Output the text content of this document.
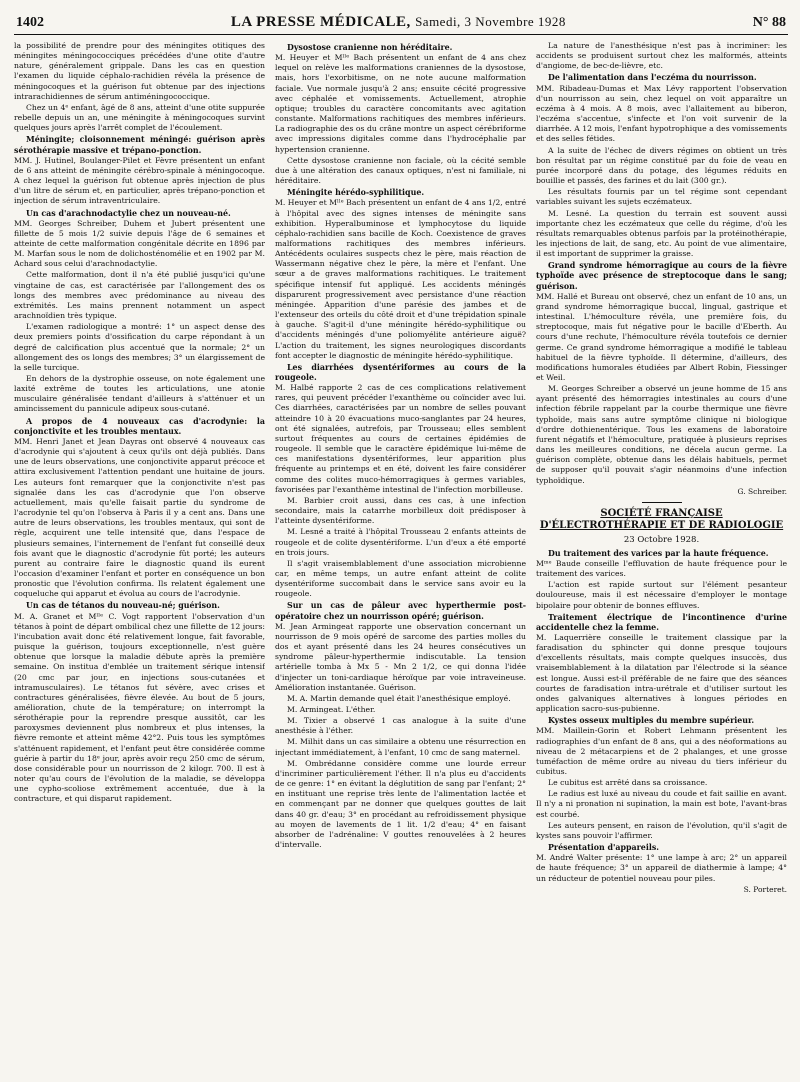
1402	LA PRESSE MÉDICALE, Samedi, 3 Novembre 1928	N° 88

la possibilité de prendre pour des méningites otitiques des méningites méningococciques précédées d'une otite d'autre nature, généralement grippale. Dans les cas en question l'examen du liquide céphalo-rachidien révéla la présence de méningocoques et la guérison fut obtenue par des injections intrarachidiennes de sérum antiméningococcique.

Chez un 4ᵉ enfant, âgé de 8 ans, atteint d'une otite suppurée rebelle depuis un an, une méningite à méningocoques survint quelques jours après l'arrêt complet de l'écoulement.

Méningite; cloisonnement méningé: guérison après sérothérapie massive et trépano-ponction.

MM. J. Hutinel, Boulanger-Pilet et Fèvre présentent un enfant de 6 ans atteint de méningite cérébro-spinale à méningocoque. A chez lequel la guérison fut obtenue après injection de plus d'un litre de sérum et, en particulier, après trépano-ponction et injection de sérum intraventriculaire.

Un cas d'arachnodactylie chez un nouveau-né.

MM. Georges Schreiber, Duhem et Jubert présentent une fillette de 5 mois 1/2 suivie depuis l'âge de 6 semaines et atteinte de cette malformation congénitale décrite en 1896 par M. Marfan sous le nom de dolichosténomélie et en 1902 par M. Achard sous celui d'arachnodactylie.

Cette malformation, dont il n'a été publié jusqu'ici qu'une vingtaine de cas, est caractérisée par l'allongement des os longs des membres avec prédominance au niveau des extrémités. Les mains prennent notamment un aspect arachnoïdien très typique.

L'examen radiologique a montré: 1° un aspect dense des deux premiers points d'ossification du carpe répondant à un degré de calcification plus accentué que la normale; 2° un allongement des os longs des membres; 3° un élargissement de la selle turcique.

En dehors de la dystrophie osseuse, on note également une laxité extrême de toutes les articulations, une atonie musculaire généralisée tendant d'ailleurs à s'atténuer et un amincissement du pannicule adipeux sous-cutané.

A propos de 4 nouveaux cas d'acrodynie: la conjonctivite et les troubles mentaux.

MM. Henri Janet et Jean Dayras ont observé 4 nouveaux cas d'acrodynie qui s'ajoutent à ceux qu'ils ont déjà publiés. Dans une de leurs observations, une conjonctivite apparut précoce et attira exclusivement l'attention pendant une huitaine de jours. Les auteurs font remarquer que la conjonctivite n'est pas signalée dans les cas d'acrodynie que l'on observe actuellement, mais qu'elle faisait partie du syndrome de l'acrodynie tel qu'on l'observa à Paris il y a cent ans. Dans une autre de leurs observations, les troubles mentaux, qui sont de règle, acquirent une telle intensité que, dans l'espace de plusieurs semaines, l'internement de l'enfant fut conseillé deux fois avant que le diagnostic d'acrodynie fût porté; les auteurs purent au contraire faire le diagnostic quand ils eurent l'occasion d'examiner l'enfant et porter en conséquence un bon pronostic que l'évolution confirma. Ils relatent également une coqueluche qui apparut et évolua au cours de l'acrodynie.

Un cas de tétanos du nouveau-né; guérison.

M. A. Granet et Mˡˡᵉ C. Vogt rapportent l'observation d'un tétanos à point de départ ombilical chez une fillette de 12 jours: l'incubation avait donc été relativement longue, fait favorable, puisque la guérison, toujours exceptionnelle, n'est guère obtenue que lorsque la maladie débute après la première semaine. On institua d'emblée un traitement sérique intensif (20 cmc par jour, en injections sous-cutanées et intramusculaires). Le tétanos fut sévère, avec crises et contractures généralisées, fièvre élevée. Au bout de 5 jours, amélioration, chute de la température; on interrompt la sérothérapie pour la reprendre presque aussitôt, car les paroxysmes deviennent plus nombreux et plus intenses, la fièvre remonte et atteint même 42°2. Puis tous les symptômes s'atténuent rapidement, et l'enfant peut être considérée comme guérie à partir du 18ᵉ jour, après avoir reçu 250 cmc de sérum, dose considérable pour un nourrisson de 2 kilogr. 700. Il est à noter qu'au cours de l'évolution de la maladie, se développa une cypho-scoliose extrêmement accentuée, due à la contracture, et qui disparut rapidement.

Dysostose cranienne non héréditaire.

M. Heuyer et Mˡˡᵉ Bach présentent un enfant de 4 ans chez lequel on relève les malformations craniennes de la dysostose, mais, hors l'exorbitisme, on ne note aucune malformation faciale. Vue normale jusqu'à 2 ans; ensuite cécité progressive avec céphalée et vomissements. Actuellement, atrophie optique; troubles du caractère concomitants avec agitation constante. Malformations rachitiques des membres inférieurs. La radiographie des os du crâne montre un aspect cérébriforme avec impressions digitales comme dans l'hydrocéphalie par hypertension cranienne.

Cette dysostose cranienne non faciale, où la cécité semble due à une altération des canaux optiques, n'est ni familiale, ni héréditaire.

Méningite hérédo-syphilitique.

M. Heuyer et Mˡˡᵉ Bach présentent un enfant de 4 ans 1/2, entré à l'hôpital avec des signes intenses de méningite sans exhibition. Hyperalbuminose et lymphocytose du liquide céphalo-rachidien sans bacille de Koch. Coexistence de graves malformations rachitiques des membres inférieurs. Antécédents oculaires suspects chez le père, mais réaction de Wassermann négative chez le père, la mère et l'enfant. Une sœur a de graves malformations rachitiques. Le traitement spécifique intensif fut appliqué. Les accidents méningés disparurent progressivement avec persistance d'une réaction méningée. Apparition d'une parésie des jambes et de l'extenseur des orteils du côté droit et d'une trépidation spinale à gauche. S'agit-il d'une méningite hérédo-syphilitique ou d'accidents méningés d'une poliomyélite antérieure aiguë? L'action du traitement, les signes neurologiques discordants font accepter le diagnostic de méningite hérédo-syphilitique.

Les diarrhées dysentériformes au cours de la rougeole.

M. Halbé rapporte 2 cas de ces complications relativement rares, qui peuvent précéder l'exanthème ou coïncider avec lui. Ces diarrhées, caractérisées par un nombre de selles pouvant atteindre 10 à 20 évacuations muco-sanglantes par 24 heures, ont été signalées, autrefois, par Trousseau; elles semblent surtout fréquentes au cours de certaines épidémies de rougeole. Il semble que le caractère épidémique lui-même de ces manifestations dysentériformes, leur apparition plus fréquente au printemps et en été, doivent les faire considérer comme des colites muco-hémorragiques à germes variables, favorisées par l'exanthème intestinal de l'infection morbilleuse.

M. Barbier croit aussi, dans ces cas, à une infection secondaire, mais la catarrhe morbilleux doit prédisposer à l'atteinte dysentériforme.

M. Lesné a traité à l'hôpital Trousseau 2 enfants atteints de rougeole et de colite dysentériforme. L'un d'eux a été emporté en trois jours.

Il s'agit vraisemblablement d'une association microbienne car, en même temps, un autre enfant atteint de colite dysentériforme succombait dans le service sans avoir eu la rougeole.

Sur un cas de pâleur avec hyperthermie post-opératoire chez un nourrisson opéré; guérison.

M. Jean Armingeat rapporte une observation concernant un nourrisson de 9 mois opéré de sarcome des parties molles du dos et ayant présenté dans les 24 heures consécutives un syndrome pâleur-hyperthermie indiscutable. La tension artérielle tomba à Mx 5 - Mn 2 1/2, ce qui donna l'idée d'injecter un toni-cardiaque héroïque par voie intraveineuse. Amélioration instantanée. Guérison.

M. A. Martin demande quel était l'anesthésique employé.

M. Armingeat. L'éther.

M. Tixier a observé 1 cas analogue à la suite d'une anesthésie à l'éther.

M. Milhit dans un cas similaire a obtenu une résurrection en injectant immédiatement, à l'enfant, 10 cmc de sang maternel.

M. Ombrédanne considère comme une lourde erreur d'incriminer particulièrement l'éther. Il n'a plus eu d'accidents de ce genre: 1° en évitant la déglutition de sang par l'enfant; 2° en instituant une reprise très lente de l'alimentation lactée et en commençant par ne donner que quelques gouttes de lait dans 40 gr. d'eau; 3° en procédant au refroidissement physique au moyen de lavements de 1 lit. 1/2 d'eau; 4° en faisant absorber de l'adrénaline: V gouttes renouvelées à 2 heures d'intervalle.

La nature de l'anesthésique n'est pas à incriminer: les accidents se produisent surtout chez les malformés, atteints d'angiome, de bec-de-lièvre, etc.

De l'alimentation dans l'eczéma du nourrisson.

MM. Ribadeau-Dumas et Max Lévy rapportent l'observation d'un nourrisson au sein, chez lequel on voit apparaître un eczéma à 4 mois. A 8 mois, avec l'allaitement au biberon, l'eczéma s'accentue, s'infecte et l'on voit survenir de la diarrhée. A 12 mois, l'enfant hypotrophique a des vomissements et des selles fétides.

A la suite de l'échec de divers régimes on obtient un très bon résultat par un régime constitué par du foie de veau en purée incorporé dans du potage, des légumes réduits en bouillie et passés, des farines et du lait (300 gr.).

Les résultats fournis par un tel régime sont cependant variables suivant les sujets eczémateux.

M. Lesné. La question du terrain est souvent aussi importante chez les eczémateux que celle du régime, d'où les résultats remarquables obtenus parfois par la protéinothérapie, les injections de lait, de sang, etc. Au point de vue alimentaire, il est important de supprimer la graisse.

Grand syndrome hémorragique au cours de la fièvre typhoïde avec présence de streptocoque dans le sang; guérison.

MM. Hallé et Bureau ont observé, chez un enfant de 10 ans, un grand syndrome hémorragique buccal, lingual, gastrique et intestinal. L'hémoculture révéla, une première fois, du streptocoque, mais fut négative pour le bacille d'Eberth. Au cours d'une rechute, l'hémoculture révéla toutefois ce dernier germe. Ce grand syndrome hémorragique a modifié le tableau habituel de la fièvre typhoïde. Il détermine, d'ailleurs, des modifications humorales étudiées par Albert Robin, Fiessinger et Weil.

M. Georges Schreiber a observé un jeune homme de 15 ans ayant présenté des hémorragies intestinales au cours d'une infection fébrile rappelant par la courbe thermique une fièvre typhoïde, mais sans autre symptôme clinique ni biologique d'ordre dothienentérique. Tous les examens de laboratoire furent négatifs et l'hémoculture, pratiquée à plusieurs reprises dans les meilleures conditions, ne décela aucun germe. La guérison complète, obtenue dans les délais habituels, permet de supposer qu'il pouvait s'agir néanmoins d'une infection typhoïdique.

G. Schreiber.
SOCIÉTÉ FRANÇAISE
D'ÉLECTROTHÉRAPIE ET DE RADIOLOGIE
23 Octobre 1928.
Du traitement des varices par la haute fréquence.

Mᵐᵉ Baude conseille l'effluvation de haute fréquence pour le traitement des varices.

L'action est rapide surtout sur l'élément pesanteur douloureuse, mais il est nécessaire d'employer le montage bipolaire pour obtenir de bonnes effluves.

Traitement électrique de l'incontinence d'urine accidentelle chez la femme.

M. Laquerrière conseille le traitement classique par la faradisation du sphincter qui donne presque toujours d'excellents résultats, mais compte quelques insuccès, dus vraisemblablement à la dilatation par l'électrode si la séance est longue. Aussi est-il préférable de ne faire que des séances courtes de faradisation intra-urétrale et d'utiliser surtout les ondes galvaniques alternatives à longues périodes en application sacro-sus-pubienne.

Kystes osseux multiples du membre supérieur.

MM. Maillein-Gorin et Robert Lehmann présentent les radiographies d'un enfant de 8 ans, qui a des néoformations au niveau de 2 métacarpiens et de 2 phalanges, et une grosse tuméfaction de même ordre au niveau du tiers inférieur du cubitus.

Le cubitus est arrêté dans sa croissance.

Le radius est luxé au niveau du coude et fait saillie en avant. Il n'y a ni pronation ni supination, la main est bote, l'avant-bras est courbé.

Les auteurs pensent, en raison de l'évolution, qu'il s'agit de kystes sans pouvoir l'affirmer.

Présentation d'appareils.

M. André Walter présente: 1° une lampe à arc; 2° un appareil de haute fréquence; 3° un appareil de diathermie à lampe; 4° un réducteur de potentiel nouveau pour piles.

S. Porteret.
